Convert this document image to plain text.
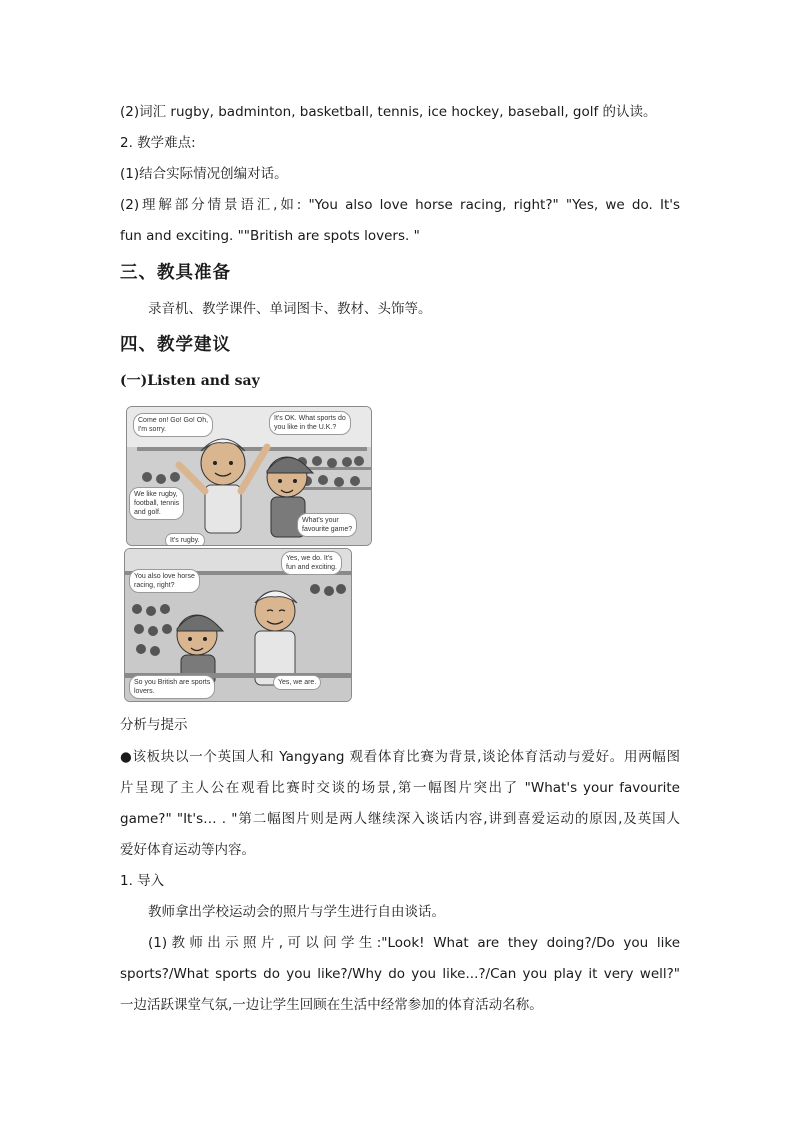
(2)词汇 rugby, badminton, basketball, tennis, ice hockey, baseball, golf 的认读。
2. 教学难点:
(1)结合实际情况创编对话。
(2)理解部分情景语汇,如: "You also love horse racing, right?" "Yes, we do. It's
fun and exciting. ""British are spots lovers. "
三、教具准备
录音机、教学课件、单词图卡、教材、头饰等。
四、教学建议
(一)Listen and say
Come on! Go! Go! Oh,
I'm sorry.
It's OK. What sports do
you like in the U.K.?
We like rugby,
football, tennis
and golf.
What's your
favourite game?
It's rugby.
Yes, we do. It's
fun and exciting.
You also love horse
racing, right?
So you British are sports
lovers.
Yes, we are.
分析与提示
●该板块以一个英国人和 Yangyang 观看体育比赛为背景,谈论体育活动与爱好。用两幅图
片呈现了主人公在观看比赛时交谈的场景,第一幅图片突出了 "What's your favourite
game?" "It's… . "第二幅图片则是两人继续深入谈话内容,讲到喜爱运动的原因,及英国人
爱好体育运动等内容。
1. 导入
教师拿出学校运动会的照片与学生进行自由谈话。
(1)教师出示照片,可以问学生:"Look! What are they doing?/Do you like
sports?/What sports do you like?/Why do you like...?/Can you play it very well?"
一边活跃课堂气氛,一边让学生回顾在生活中经常参加的体育活动名称。
